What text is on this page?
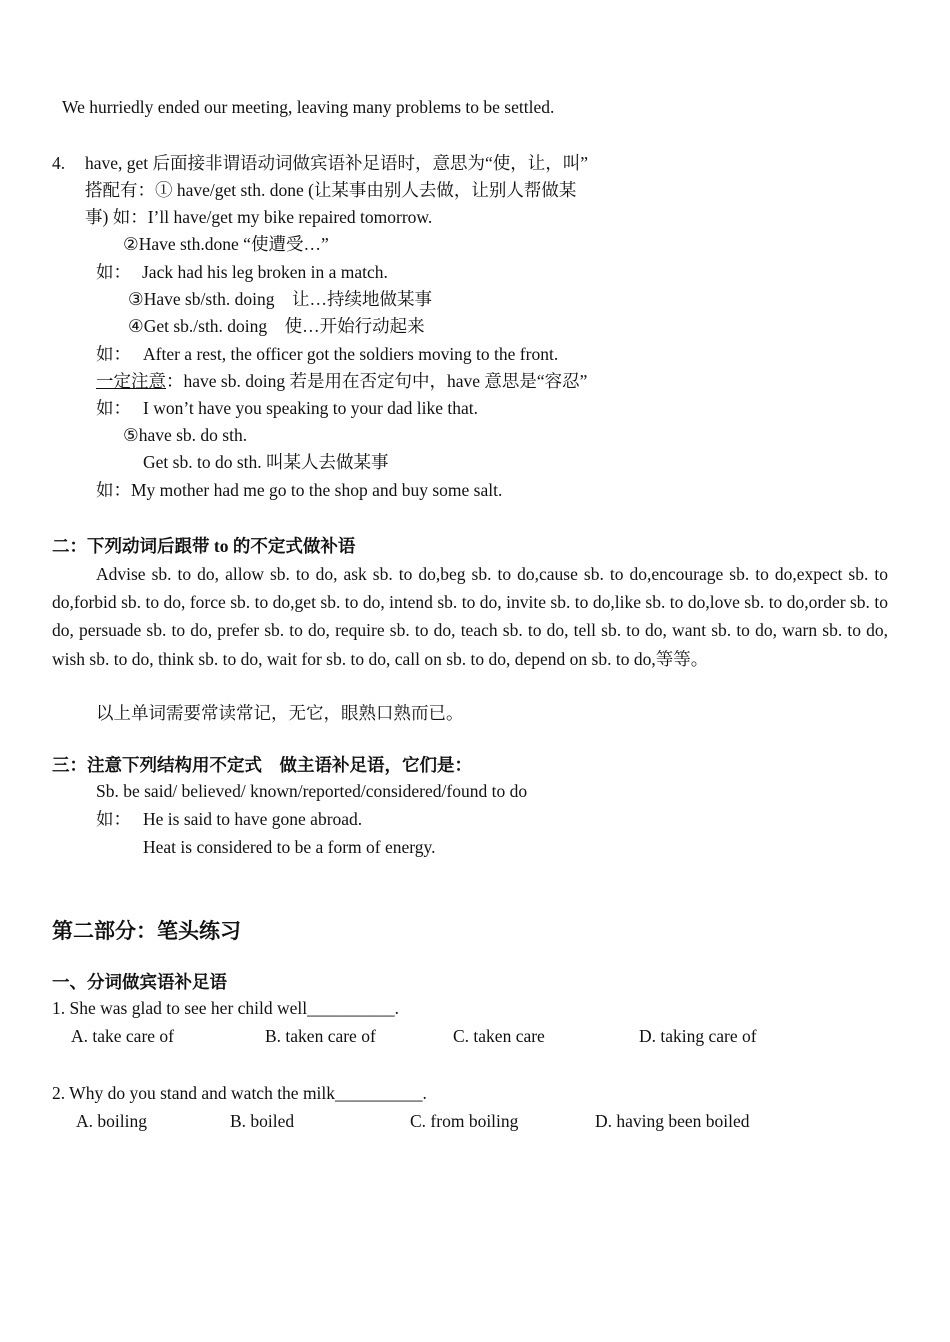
We hurriedly ended our meeting, leaving many problems to be settled.
4. have, get 后面接非谓语动词做宾语补足语时，意思为“使，让，叫”
搭配有：① have/get sth. done (让某事由别人去做，让别人帮做某
事) 如：I’ll have/get my bike repaired tomorrow.
②Have sth.done “使遭受…”
如： Jack had his leg broken in a match.
③Have sb/sth. doing　让…持续地做某事
④Get sb./sth. doing　使…开始行动起来
如： After a rest, the officer got the soldiers moving to the front.
一定注意：have sb. doing 若是用在否定句中，have 意思是“容忍”
如： I won’t have you speaking to your dad like that.
⑤have sb. do sth.
Get sb. to do sth. 叫某人去做某事
如：My mother had me go to the shop and buy some salt.
二：下列动词后跟带 to 的不定式做补语
Advise sb. to do, allow sb. to do, ask sb. to do,beg sb. to do,cause sb. to do,encourage sb. to do,expect sb. to do,forbid sb. to do, force sb. to do,get sb. to do, intend sb. to do, invite sb. to do,like sb. to do,love sb. to do,order sb. to do, persuade sb. to do, prefer sb. to do, require sb. to do, teach sb. to do, tell sb. to do, want sb. to do, warn sb. to do, wish sb. to do, think sb. to do, wait for sb. to do, call on sb. to do, depend on sb. to do,等等。
以上单词需要常读常记，无它，眼熟口熟而已。
三：注意下列结构用不定式　做主语补足语，它们是：
Sb. be said/ believed/ known/reported/considered/found to do
如： He is said to have gone abroad.
Heat is considered to be a form of energy.
第二部分：笔头练习
一、分词做宾语补足语
1. She was glad to see her child well__________.
A. take care of	B. taken care of	C. taken care	D. taking care of
2. Why do you stand and watch the milk__________.
A. boiling	B. boiled	C. from boiling	D. having been boiled
